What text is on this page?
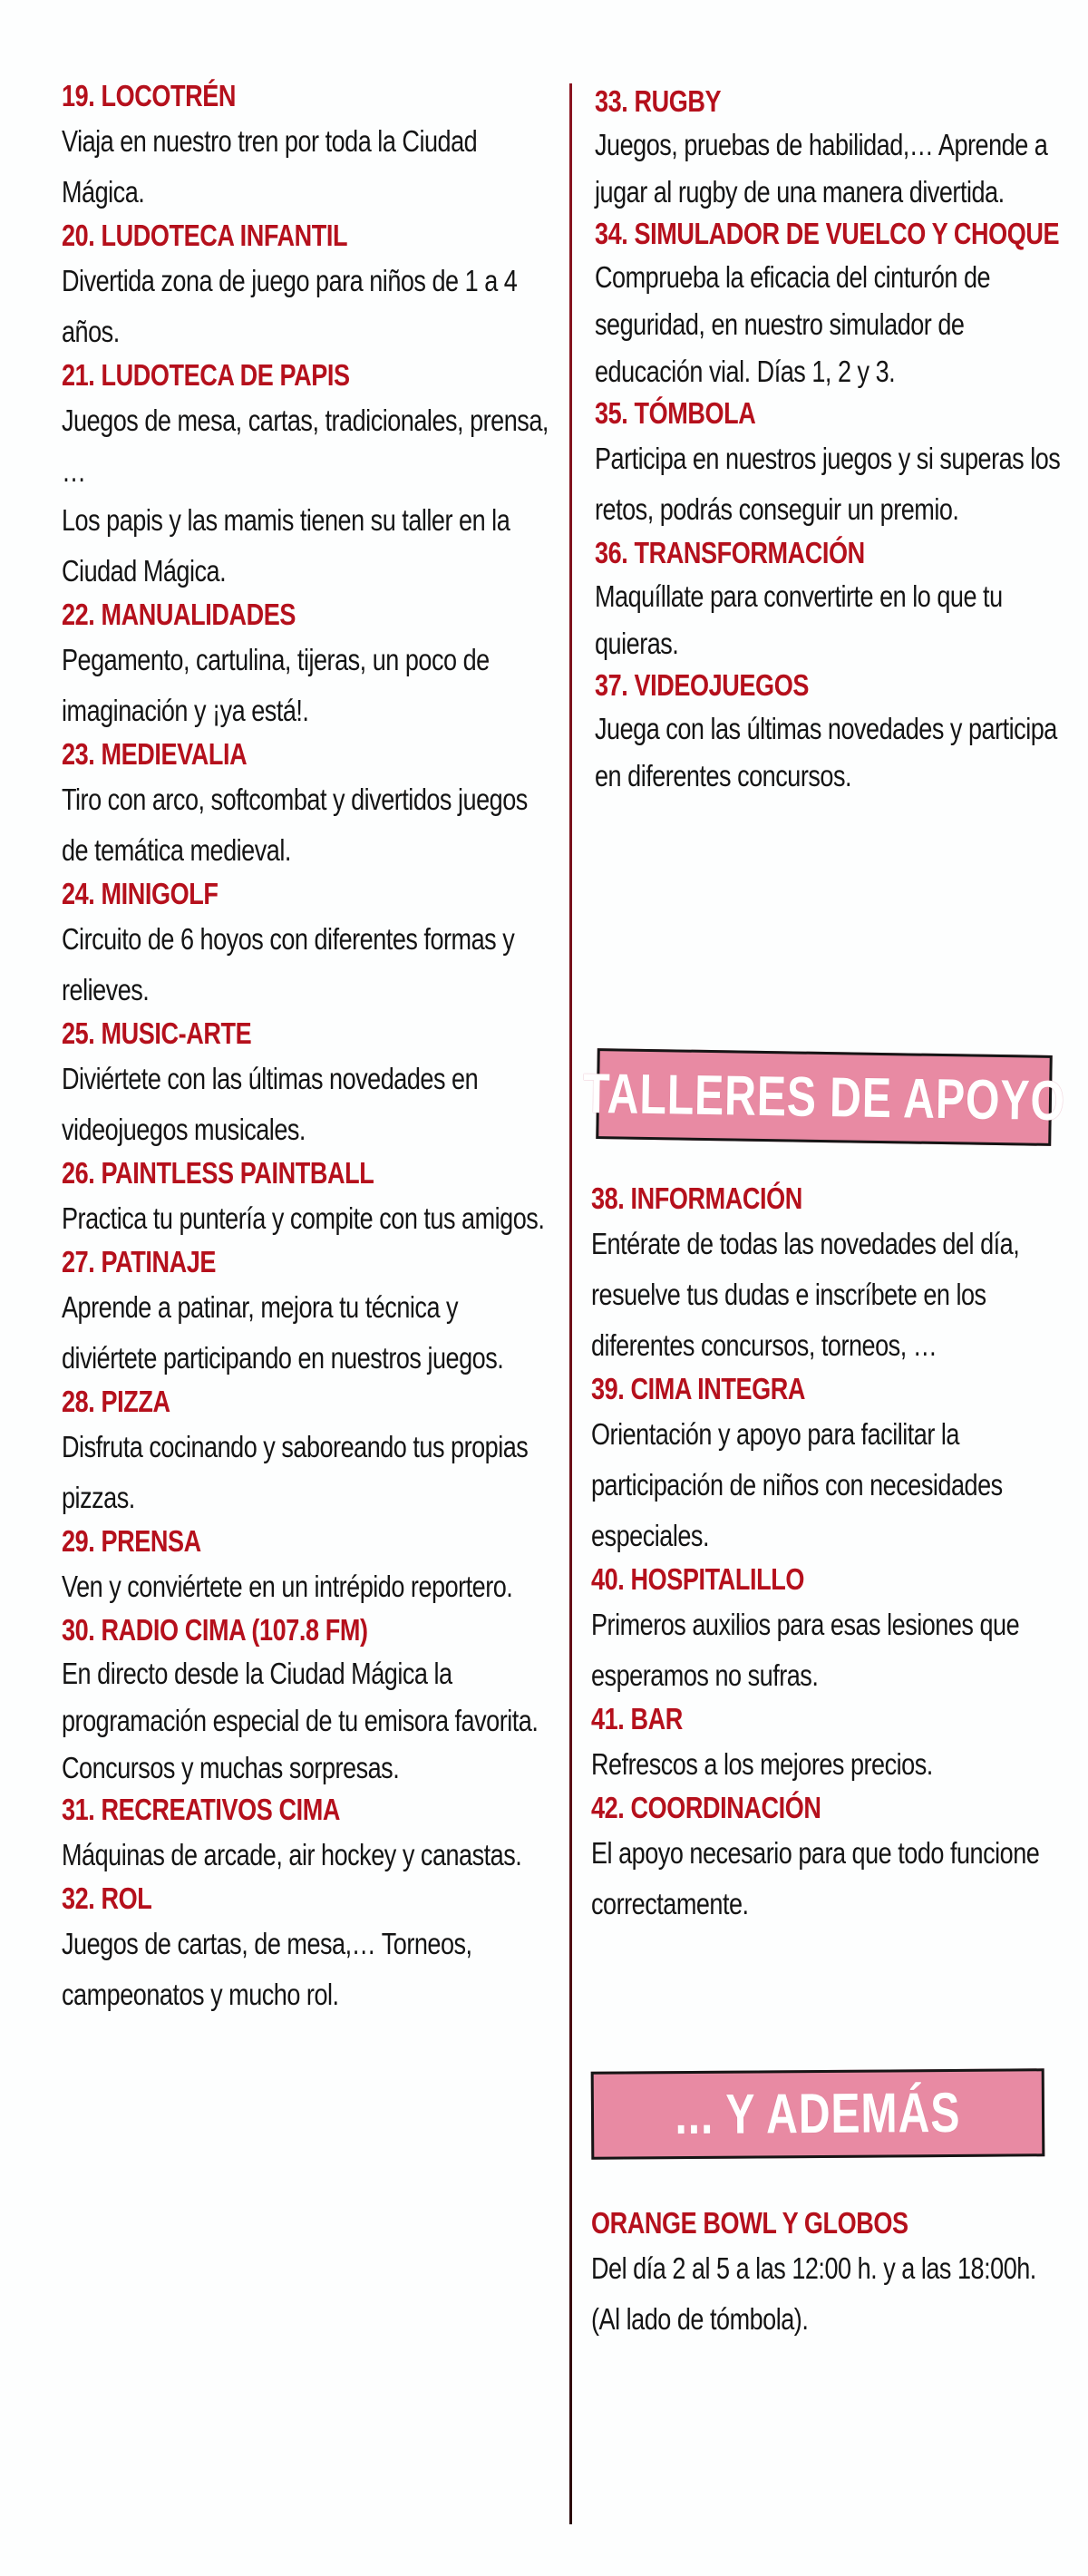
19. LOCOTRÉN
Viaja en nuestro tren por toda la Ciudad Mágica.
20. LUDOTECA INFANTIL
Divertida zona de juego para niños de 1 a 4 años.
21. LUDOTECA DE PAPIS
Juegos de mesa, cartas, tradicionales, prensa, …
Los papis y las mamis tienen su taller en la Ciudad Mágica.
22. MANUALIDADES
Pegamento, cartulina, tijeras, un poco de imaginación y ¡ya está!.
23. MEDIEVALIA
Tiro con arco, softcombat y divertidos juegos de temática medieval.
24. MINIGOLF
Circuito de 6 hoyos con diferentes formas y relieves.
25. MUSIC-ARTE
Diviértete con las últimas novedades en videojuegos musicales.
26. PAINTLESS PAINTBALL
Practica tu puntería y compite con tus amigos.
27. PATINAJE
Aprende a patinar, mejora tu técnica y diviértete participando en nuestros juegos.
28. PIZZA
Disfruta cocinando y saboreando tus propias pizzas.
29. PRENSA
Ven y conviértete en un intrépido reportero.
30. RADIO CIMA (107.8 FM)
En directo desde la Ciudad Mágica la programación especial de tu emisora favorita. Concursos y muchas sorpresas.
31. RECREATIVOS CIMA
Máquinas de arcade, air hockey y canastas.
32. ROL
Juegos de cartas, de mesa,… Torneos, campeonatos y mucho rol.
33. RUGBY
Juegos, pruebas de habilidad,… Aprende a jugar al rugby de una manera divertida.
34. SIMULADOR DE VUELCO Y CHOQUE
Comprueba la eficacia del cinturón de seguridad, en nuestro simulador de educación vial. Días 1, 2 y 3.
35. TÓMBOLA
Participa en nuestros juegos y si superas los retos, podrás conseguir un premio.
36. TRANSFORMACIÓN
Maquíllate para convertirte en lo que tu quieras.
37. VIDEOJUEGOS
Juega con las últimas novedades y participa en diferentes concursos.
TALLERES DE APOYO
38. INFORMACIÓN
Entérate de todas las novedades del día, resuelve tus dudas e inscríbete en los diferentes concursos, torneos, …
39. CIMA INTEGRA
Orientación y apoyo para facilitar la participación de niños con necesidades especiales.
40. HOSPITALILLO
Primeros auxilios para esas lesiones que esperamos no sufras.
41. BAR
Refrescos a los mejores precios.
42. COORDINACIÓN
El apoyo necesario para que todo funcione correctamente.
... Y ADEMÁS
ORANGE BOWL Y GLOBOS
Del día 2 al 5 a las 12:00 h. y a las 18:00h. (Al lado de tómbola).
